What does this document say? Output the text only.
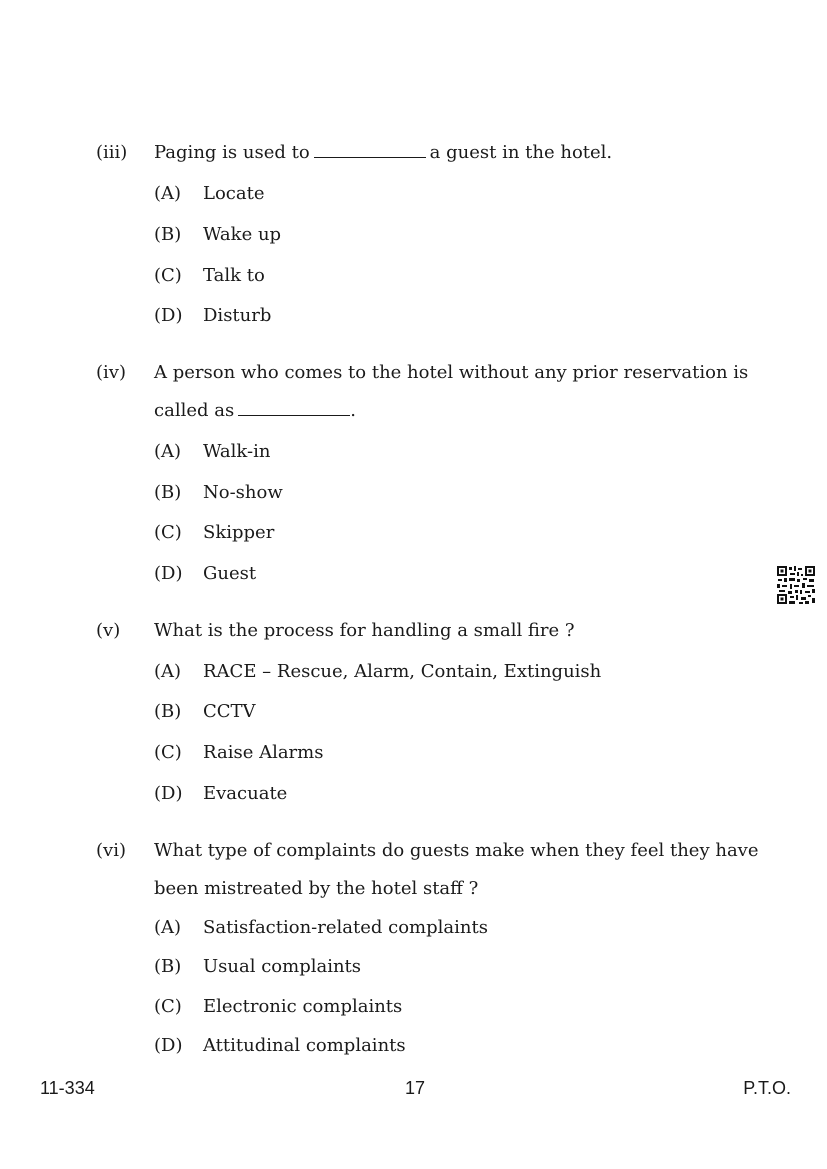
(iii) Paging is used to	a guest in the hotel.
(A) Locate
(B) Wake up
(C) Talk to
(D) Disturb
(iv) A person who comes to the hotel without any prior reservation is
called as	.
(A) Walk-in
(B) No-show
(C) Skipper
(D) Guest
(v) What is the process for handling a small fire ?
(A) RACE – Rescue, Alarm, Contain, Extinguish
(B) CCTV
(C) Raise Alarms
(D) Evacuate
(vi) What type of complaints do guests make when they feel they have
been mistreated by the hotel staff ?
(A) Satisfaction-related complaints
(B) Usual complaints
(C) Electronic complaints
(D) Attitudinal complaints
11-334	17	P.T.O.
